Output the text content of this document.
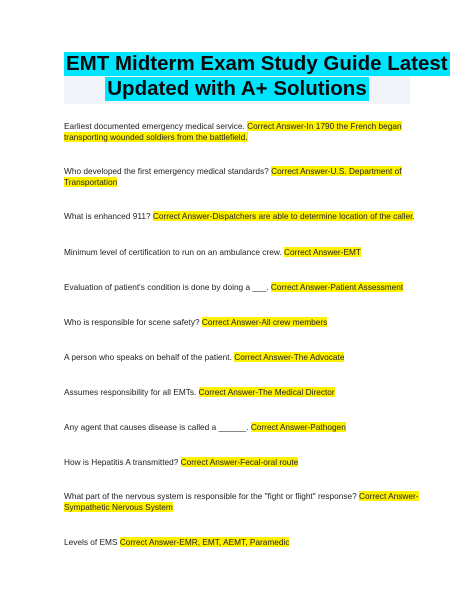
EMT Midterm Exam Study Guide Latest
Updated with A+ Solutions
Earliest documented emergency medical service. Correct Answer-In 1790 the French began transporting wounded soldiers from the battlefield.
Who developed the first emergency medical standards? Correct Answer-U.S. Department of Transportation
What is enhanced 911? Correct Answer-Dispatchers are able to determine location of the caller.
Minimum level of certification to run on an ambulance crew. Correct Answer-EMT
Evaluation of patient's condition is done by doing a ___. Correct Answer-Patient Assessment
Who is responsible for scene safety? Correct Answer-All crew members
A person who speaks on behalf of the patient. Correct Answer-The Advocate
Assumes responsibility for all EMTs. Correct Answer-The Medical Director
Any agent that causes disease is called a ______. Correct Answer-Pathogen
How is Hepatitis A transmitted? Correct Answer-Fecal-oral route
What part of the nervous system is responsible for the "fight or flight" response? Correct Answer-Sympathetic Nervous System
Levels of EMS Correct Answer-EMR, EMT, AEMT, Paramedic
